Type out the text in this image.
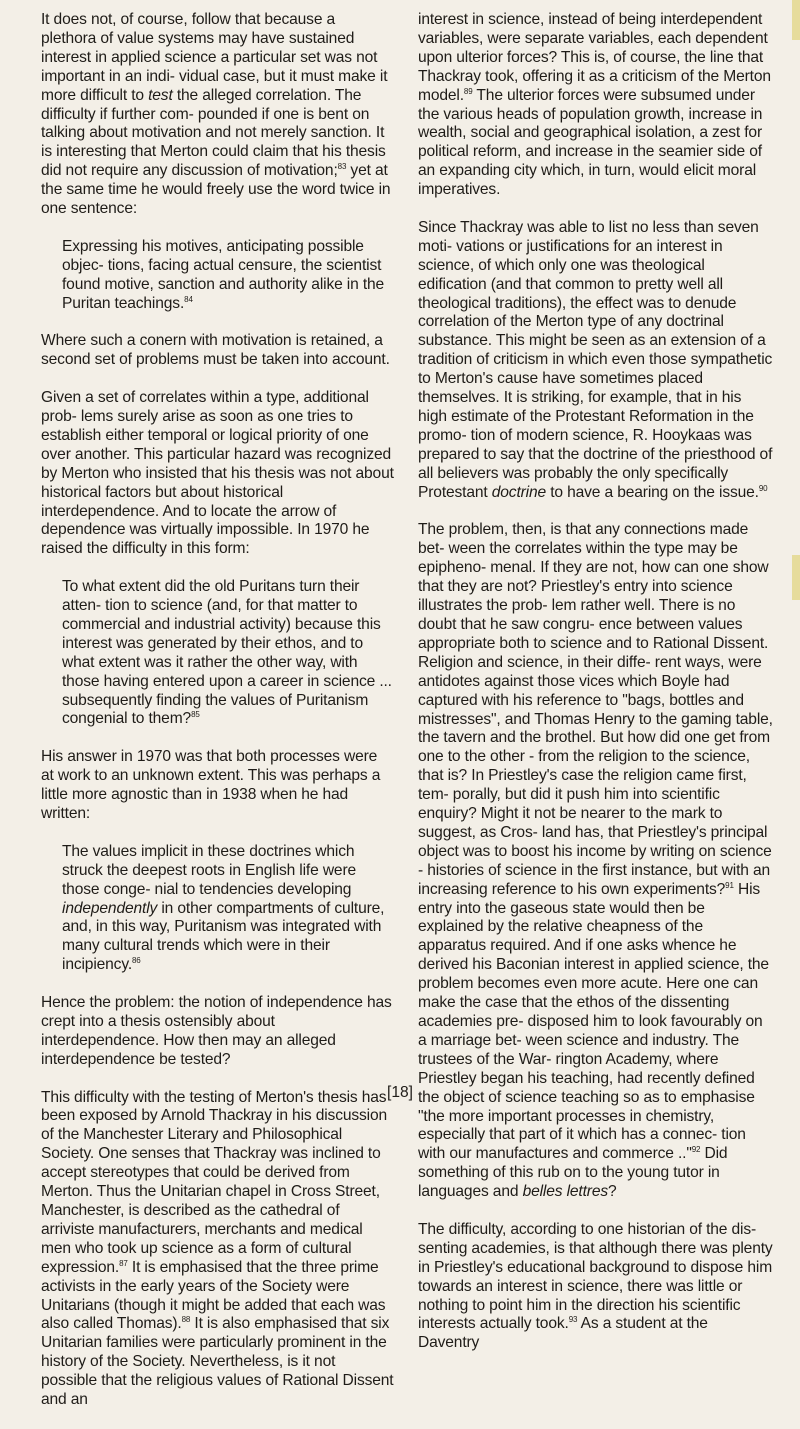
It does not, of course, follow that because a plethora of value systems may have sustained interest in applied science a particular set was not important in an indi- vidual case, but it must make it more difficult to test the alleged correlation. The difficulty if further com- pounded if one is bent on talking about motivation and not merely sanction. It is interesting that Merton could claim that his thesis did not require any discussion of motivation;$^{83}$ yet at the same time he would freely use the word twice in one sentence:

Expressing his motives, anticipating possible objec- tions, facing actual censure, the scientist found motive, sanction and authority alike in the Puritan teachings.$^{84}$

Where such a conern with motivation is retained, a second set of problems must be taken into account.

Given a set of correlates within a type, additional prob- lems surely arise as soon as one tries to establish either temporal or logical priority of one over another. This particular hazard was recognized by Merton who insisted that his thesis was not about historical factors but about historical interdependence. And to locate the arrow of dependence was virtually impossible. In 1970 he raised the difficulty in this form:

To what extent did the old Puritans turn their atten- tion to science (and, for that matter to commercial and industrial activity) because this interest was generated by their ethos, and to what extent was it rather the other way, with those having entered upon a career in science ... subsequently finding the values of Puritanism congenial to them?$^{85}$

His answer in 1970 was that both processes were at work to an unknown extent. This was perhaps a little more agnostic than in 1938 when he had written:

The values implicit in these doctrines which struck the deepest roots in English life were those conge- nial to tendencies developing independently in other compartments of culture, and, in this way, Puritanism was integrated with many cultural trends which were in their incipiency.$^{86}$

Hence the problem: the notion of independence has crept into a thesis ostensibly about interdependence. How then may an alleged interdependence be tested?

This difficulty with the testing of Merton's thesis has been exposed by Arnold Thackray in his discussion of the Manchester Literary and Philosophical Society. One senses that Thackray was inclined to accept stereotypes that could be derived from Merton. Thus the Unitarian chapel in Cross Street, Manchester, is described as the cathedral of arriviste manufacturers, merchants and medical men who took up science as a form of cultural expression.$^{87}$ It is emphasised that the three prime activists in the early years of the Society were Unitarians (though it might be added that each was also called Thomas).$^{88}$ It is also emphasised that six Unitarian families were particularly prominent in the history of the Society. Nevertheless, is it not possible that the religious values of Rational Dissent and an

interest in science, instead of being interdependent variables, were separate variables, each dependent upon ulterior forces? This is, of course, the line that Thackray took, offering it as a criticism of the Merton model.$^{89}$ The ulterior forces were subsumed under the various heads of population growth, increase in wealth, social and geographical isolation, a zest for political reform, and increase in the seamier side of an expanding city which, in turn, would elicit moral imperatives.

Since Thackray was able to list no less than seven moti- vations or justifications for an interest in science, of which only one was theological edification (and that common to pretty well all theological traditions), the effect was to denude correlation of the Merton type of any doctrinal substance. This might be seen as an extension of a tradition of criticism in which even those sympathetic to Merton's cause have sometimes placed themselves. It is striking, for example, that in his high estimate of the Protestant Reformation in the promo- tion of modern science, R. Hooykaas was prepared to say that the doctrine of the priesthood of all believers was probably the only specifically Protestant doctrine to have a bearing on the issue.$^{90}$

The problem, then, is that any connections made bet- ween the correlates within the type may be epipheno- menal. If they are not, how can one show that they are not? Priestley's entry into science illustrates the prob- lem rather well. There is no doubt that he saw congru- ence between values appropriate both to science and to Rational Dissent. Religion and science, in their diffe- rent ways, were antidotes against those vices which Boyle had captured with his reference to "bags, bottles and mistresses", and Thomas Henry to the gaming table, the tavern and the brothel. But how did one get from one to the other - from the religion to the science, that is? In Priestley's case the religion came first, tem- porally, but did it push him into scientific enquiry? Might it not be nearer to the mark to suggest, as Cros- land has, that Priestley's principal object was to boost his income by writing on science - histories of science in the first instance, but with an increasing reference to his own experiments?$^{91}$ His entry into the gaseous state would then be explained by the relative cheapness of the apparatus required. And if one asks whence he derived his Baconian interest in applied science, the problem becomes even more acute. Here one can make the case that the ethos of the dissenting academies pre- disposed him to look favourably on a marriage bet- ween science and industry. The trustees of the War- rington Academy, where Priestley began his teaching, had recently defined the object of science teaching so as to emphasise "the more important processes in chemistry, especially that part of it which has a connec- tion with our manufactures and commerce .."$^{92}$ Did something of this rub on to the young tutor in languages and belles lettres?

The difficulty, according to one historian of the dis- senting academies, is that although there was plenty in Priestley's educational background to dispose him towards an interest in science, there was little or nothing to point him in the direction his scientific interests actually took.$^{93}$ As a student at the Daventry

[18]
